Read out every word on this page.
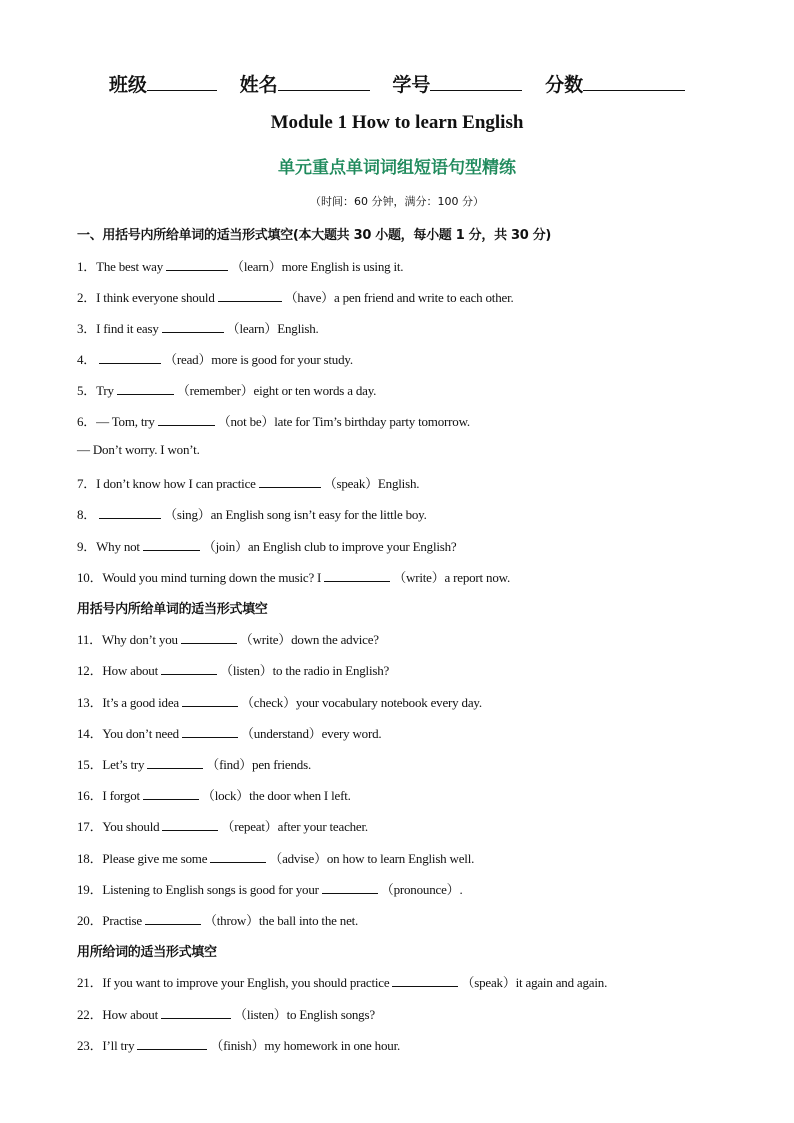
班级	姓名	学号	分数
Module 1 How to learn English
单元重点单词词组短语句型精练
（时间：60 分钟，满分：100 分）
一、用括号内所给单词的适当形式填空(本大题共 30 小题，每小题 1 分，共 30 分)
1．The best way	（learn）more English is using it.
2．I think everyone should	（have）a pen friend and write to each other.
3．I find it easy	（learn）English.
4．	（read）more is good for your study.
5．Try	（remember）eight or ten words a day.
6．— Tom, try	（not be）late for Tim’s birthday party tomorrow.
— Don’t worry. I won’t.
7．I don’t know how I can practice	（speak）English.
8．	（sing）an English song isn’t easy for the little boy.
9．Why not	（join）an English club to improve your English?
10．Would you mind turning down the music? I	（write）a report now.
11．Why don’t you	（write）down the advice?
12．How about	（listen）to the radio in English?
13．It’s a good idea	（check）your vocabulary notebook every day.
14．You don’t need	（understand）every word.
15．Let’s try	（find）pen friends.
16．I forgot	（lock）the door when I left.
17．You should	（repeat）after your teacher.
18．Please give me some	（advise）on how to learn English well.
19．Listening to English songs is good for your	（pronounce）.
20．Practise	（throw）the ball into the net.
21．If you want to improve your English, you should practice	（speak）it again and again.
22．How about	（listen）to English songs?
23．I’ll try	（finish）my homework in one hour.
用括号内所给单词的适当形式填空
用所给词的适当形式填空
